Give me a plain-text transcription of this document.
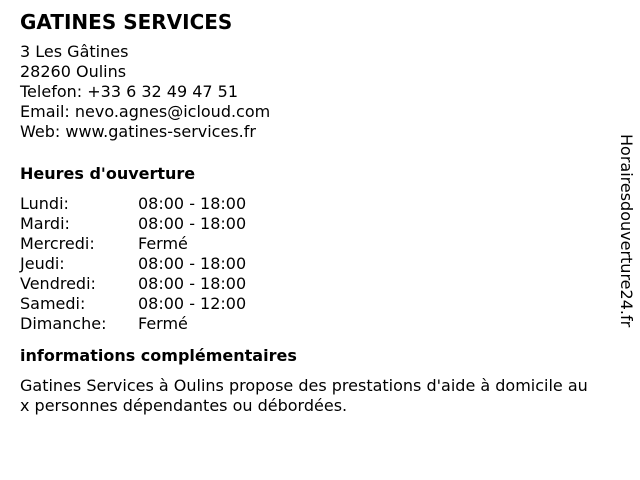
GATINES SERVICES
3 Les Gâtines
28260 Oulins
Telefon: +33 6 32 49 47 51
Email: nevo.agnes@icloud.com
Web: www.gatines-services.fr
Heures d'ouverture
Lundi:	08:00 - 18:00
Mardi:	08:00 - 18:00
Mercredi:	Fermé
Jeudi:	08:00 - 18:00
Vendredi:	08:00 - 18:00
Samedi:	08:00 - 12:00
Dimanche:	Fermé
informations complémentaires
Gatines Services à Oulins propose des prestations d'aide à domicile aux personnes dépendantes ou débordées.
Horairesdouverture24.fr
